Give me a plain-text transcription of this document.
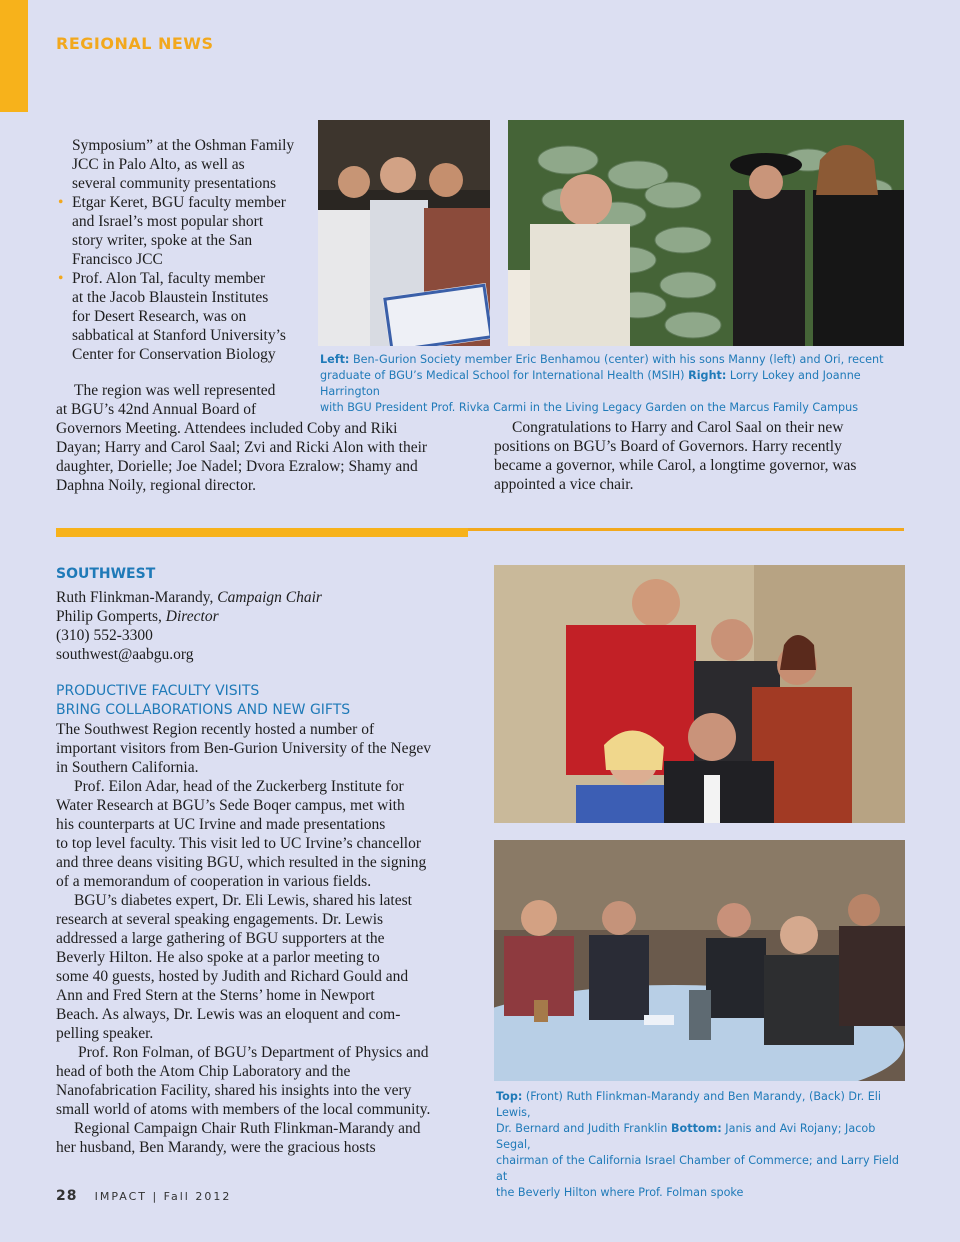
REGIONAL NEWS
Symposium” at the Oshman Family
JCC in Palo Alto, as well as
several community presentations
• Etgar Keret, BGU faculty member
and Israel’s most popular short
story writer, spoke at the San
Francisco JCC
• Prof. Alon Tal, faculty member
at the Jacob Blaustein Institutes
for Desert Research, was on
sabbatical at Stanford University’s
Center for Conservation Biology
The region was well represented
at BGU’s 42nd Annual Board of
Governors Meeting. Attendees included Coby and Riki
Dayan; Harry and Carol Saal; Zvi and Ricki Alon with their
daughter, Dorielle; Joe Nadel; Dvora Ezralow; Shamy and
Daphna Noily, regional director.
Left: Ben-Gurion Society member Eric Benhamou (center) with his sons Manny (left) and Ori, recent
graduate of BGU’s Medical School for International Health (MSIH) Right: Lorry Lokey and Joanne Harrington
with BGU President Prof. Rivka Carmi in the Living Legacy Garden on the Marcus Family Campus
Congratulations to Harry and Carol Saal on their new
positions on BGU’s Board of Governors. Harry recently
became a governor, while Carol, a longtime governor, was
appointed a vice chair.
SOUTHWEST
Ruth Flinkman-Marandy, Campaign Chair
Philip Gomperts, Director
(310) 552-3300
southwest@aabgu.org
PRODUCTIVE FACULTY VISITS
BRING COLLABORATIONS AND NEW GIFTS
The Southwest Region recently hosted a number of
important visitors from Ben-Gurion University of the Negev
in Southern California.
Prof. Eilon Adar, head of the Zuckerberg Institute for
Water Research at BGU’s Sede Boqer campus, met with
his counterparts at UC Irvine and made presentations
to top level faculty. This visit led to UC Irvine’s chancellor
and three deans visiting BGU, which resulted in the signing
of a memorandum of cooperation in various fields.
BGU’s diabetes expert, Dr. Eli Lewis, shared his latest
research at several speaking engagements. Dr. Lewis
addressed a large gathering of BGU supporters at the
Beverly Hilton. He also spoke at a parlor meeting to
some 40 guests, hosted by Judith and Richard Gould and
Ann and Fred Stern at the Sterns’ home in Newport
Beach. As always, Dr. Lewis was an eloquent and com-
pelling speaker.
Prof. Ron Folman, of BGU’s Department of Physics and
head of both the Atom Chip Laboratory and the
Nanofabrication Facility, shared his insights into the very
small world of atoms with members of the local community.
Regional Campaign Chair Ruth Flinkman-Marandy and
her husband, Ben Marandy, were the gracious hosts
Top: (Front) Ruth Flinkman-Marandy and Ben Marandy, (Back) Dr. Eli Lewis,
Dr. Bernard and Judith Franklin Bottom: Janis and Avi Rojany; Jacob Segal,
chairman of the California Israel Chamber of Commerce; and Larry Field at
the Beverly Hilton where Prof. Folman spoke
28 IMPACT | Fall 2012
